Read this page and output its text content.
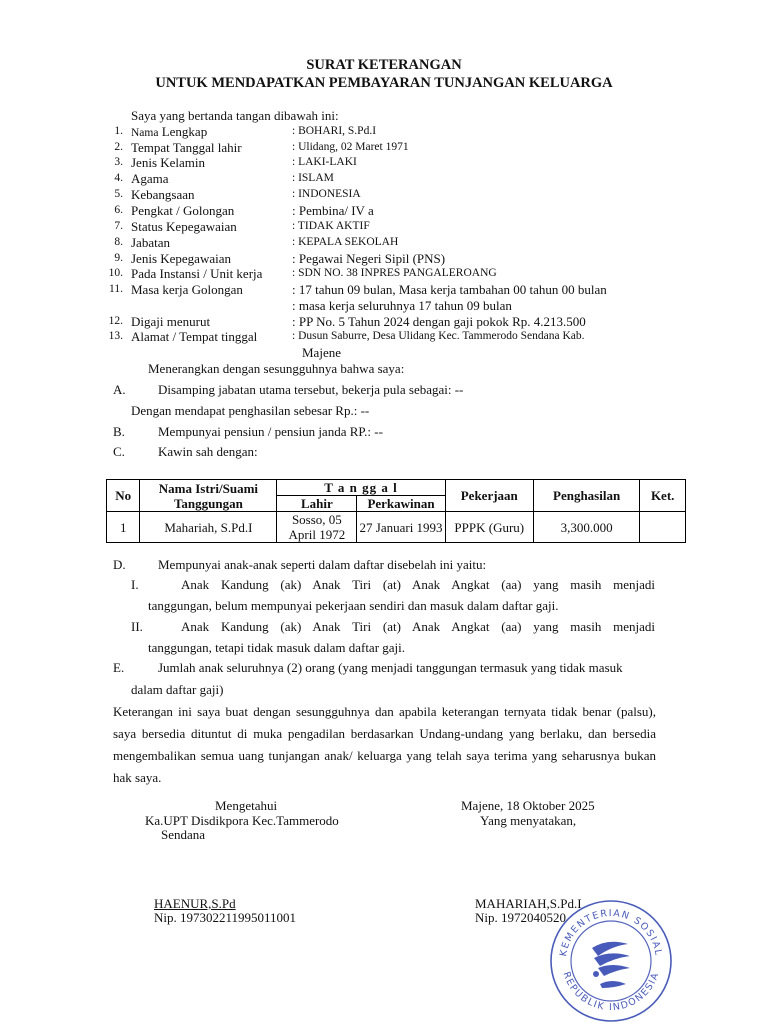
SURAT KETERANGAN
UNTUK MENDAPATKAN PEMBAYARAN TUNJANGAN KELUARGA
Saya yang bertanda tangan dibawah ini:
1. Nama Lengkap	: BOHARI, S.Pd.I
2. Tempat Tanggal lahir	: Ulidang, 02 Maret 1971
3. Jenis Kelamin	: LAKI-LAKI
4. Agama	: ISLAM
5. Kebangsaan	: INDONESIA
6. Pengkat / Golongan	: Pembina/ IV a
7. Status Kepegawaian	: TIDAK AKTIF
8. Jabatan	: KEPALA SEKOLAH
9. Jenis Kepegawaian	: Pegawai Negeri Sipil (PNS)
10. Pada Instansi / Unit kerja	: SDN NO. 38 INPRES PANGALEROANG
11. Masa kerja Golongan	: 17 tahun 09 bulan, Masa kerja tambahan 00 tahun 00 bulan
: masa kerja seluruhnya 17 tahun 09 bulan
12. Digaji menurut	: PP No. 5 Tahun 2024 dengan gaji pokok Rp. 4.213.500
13. Alamat / Tempat tinggal	: Dusun Saburre, Desa Ulidang Kec. Tammerodo Sendana Kab.
Majene
Menerangkan dengan sesungguhnya bahwa saya:
A. Disamping jabatan utama tersebut, bekerja pula sebagai: --
Dengan mendapat penghasilan sebesar Rp.: --
B.	Mempunyai pensiun / pensiun janda RP.: --
C.	Kawin sah dengan:
No	Nama Istri/Suami Tanggungan	T a n gg a l		Pekerjaan	Penghasilan	Ket.
		Lahir	Perkawinan			
1	Mahariah, S.Pd.I	Sosso, 05 April 1972	27 Januari 1993	PPPK (Guru)	3,300.000	
D. Mempunyai anak-anak seperti dalam daftar disebelah ini yaitu:
I.	Anak Kandung (ak) Anak Tiri (at) Anak Angkat (aa) yang masih menjadi
tanggungan, belum mempunyai pekerjaan sendiri dan masuk dalam daftar gaji.
II.	Anak Kandung (ak) Anak Tiri (at) Anak Angkat (aa) yang masih menjadi
tanggungan, tetapi tidak masuk dalam daftar gaji.
E.	Jumlah anak seluruhnya (2) orang (yang menjadi tanggungan termasuk yang tidak masuk
dalam daftar gaji)
Keterangan ini saya buat dengan sesungguhnya dan apabila keterangan ternyata tidak benar (palsu), saya bersedia dituntut di muka pengadilan berdasarkan Undang-undang yang berlaku, dan bersedia mengembalikan semua uang tunjangan anak/ keluarga yang telah saya terima yang seharusnya bukan hak saya.
Mengetahui
Ka.UPT Disdikpora Kec.Tammerodo
Sendana
HAENUR,S.Pd
Nip. 197302211995011001
Majene, 18 Oktober 2025
Yang menyatakan,
MAHARIAH,S.Pd.I
Nip. 1972040520
KEMENTERIAN SOSIAL
REPUBLIK INDONESIA
